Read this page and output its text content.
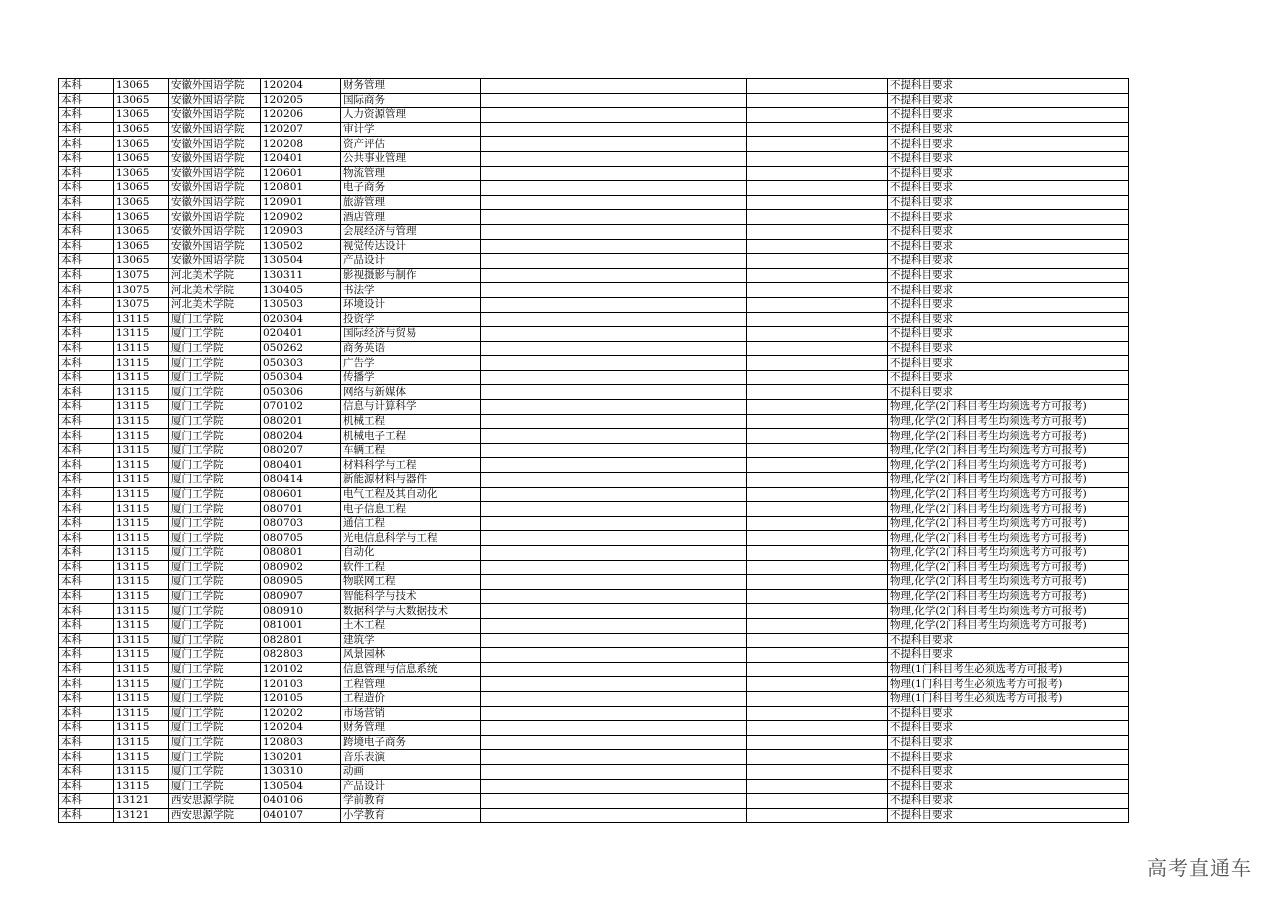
本科	13065	安徽外国语学院	120204	财务管理			不提科目要求
本科	13065	安徽外国语学院	120205	国际商务			不提科目要求
本科	13065	安徽外国语学院	120206	人力资源管理			不提科目要求
本科	13065	安徽外国语学院	120207	审计学			不提科目要求
本科	13065	安徽外国语学院	120208	资产评估			不提科目要求
本科	13065	安徽外国语学院	120401	公共事业管理			不提科目要求
本科	13065	安徽外国语学院	120601	物流管理			不提科目要求
本科	13065	安徽外国语学院	120801	电子商务			不提科目要求
本科	13065	安徽外国语学院	120901	旅游管理			不提科目要求
本科	13065	安徽外国语学院	120902	酒店管理			不提科目要求
本科	13065	安徽外国语学院	120903	会展经济与管理			不提科目要求
本科	13065	安徽外国语学院	130502	视觉传达设计			不提科目要求
本科	13065	安徽外国语学院	130504	产品设计			不提科目要求
本科	13075	河北美术学院	130311	影视摄影与制作			不提科目要求
本科	13075	河北美术学院	130405	书法学			不提科目要求
本科	13075	河北美术学院	130503	环境设计			不提科目要求
本科	13115	厦门工学院	020304	投资学			不提科目要求
本科	13115	厦门工学院	020401	国际经济与贸易			不提科目要求
本科	13115	厦门工学院	050262	商务英语			不提科目要求
本科	13115	厦门工学院	050303	广告学			不提科目要求
本科	13115	厦门工学院	050304	传播学			不提科目要求
本科	13115	厦门工学院	050306	网络与新媒体			不提科目要求
本科	13115	厦门工学院	070102	信息与计算科学			物理,化学(2门科目考生均须选考方可报考)
本科	13115	厦门工学院	080201	机械工程			物理,化学(2门科目考生均须选考方可报考)
本科	13115	厦门工学院	080204	机械电子工程			物理,化学(2门科目考生均须选考方可报考)
本科	13115	厦门工学院	080207	车辆工程			物理,化学(2门科目考生均须选考方可报考)
本科	13115	厦门工学院	080401	材料科学与工程			物理,化学(2门科目考生均须选考方可报考)
本科	13115	厦门工学院	080414	新能源材料与器件			物理,化学(2门科目考生均须选考方可报考)
本科	13115	厦门工学院	080601	电气工程及其自动化			物理,化学(2门科目考生均须选考方可报考)
本科	13115	厦门工学院	080701	电子信息工程			物理,化学(2门科目考生均须选考方可报考)
本科	13115	厦门工学院	080703	通信工程			物理,化学(2门科目考生均须选考方可报考)
本科	13115	厦门工学院	080705	光电信息科学与工程			物理,化学(2门科目考生均须选考方可报考)
本科	13115	厦门工学院	080801	自动化			物理,化学(2门科目考生均须选考方可报考)
本科	13115	厦门工学院	080902	软件工程			物理,化学(2门科目考生均须选考方可报考)
本科	13115	厦门工学院	080905	物联网工程			物理,化学(2门科目考生均须选考方可报考)
本科	13115	厦门工学院	080907	智能科学与技术			物理,化学(2门科目考生均须选考方可报考)
本科	13115	厦门工学院	080910	数据科学与大数据技术			物理,化学(2门科目考生均须选考方可报考)
本科	13115	厦门工学院	081001	土木工程			物理,化学(2门科目考生均须选考方可报考)
本科	13115	厦门工学院	082801	建筑学			不提科目要求
本科	13115	厦门工学院	082803	风景园林			不提科目要求
本科	13115	厦门工学院	120102	信息管理与信息系统			物理(1门科目考生必须选考方可报考)
本科	13115	厦门工学院	120103	工程管理			物理(1门科目考生必须选考方可报考)
本科	13115	厦门工学院	120105	工程造价			物理(1门科目考生必须选考方可报考)
本科	13115	厦门工学院	120202	市场营销			不提科目要求
本科	13115	厦门工学院	120204	财务管理			不提科目要求
本科	13115	厦门工学院	120803	跨境电子商务			不提科目要求
本科	13115	厦门工学院	130201	音乐表演			不提科目要求
本科	13115	厦门工学院	130310	动画			不提科目要求
本科	13115	厦门工学院	130504	产品设计			不提科目要求
本科	13121	西安思源学院	040106	学前教育			不提科目要求
本科	13121	西安思源学院	040107	小学教育			不提科目要求
高考直通车
